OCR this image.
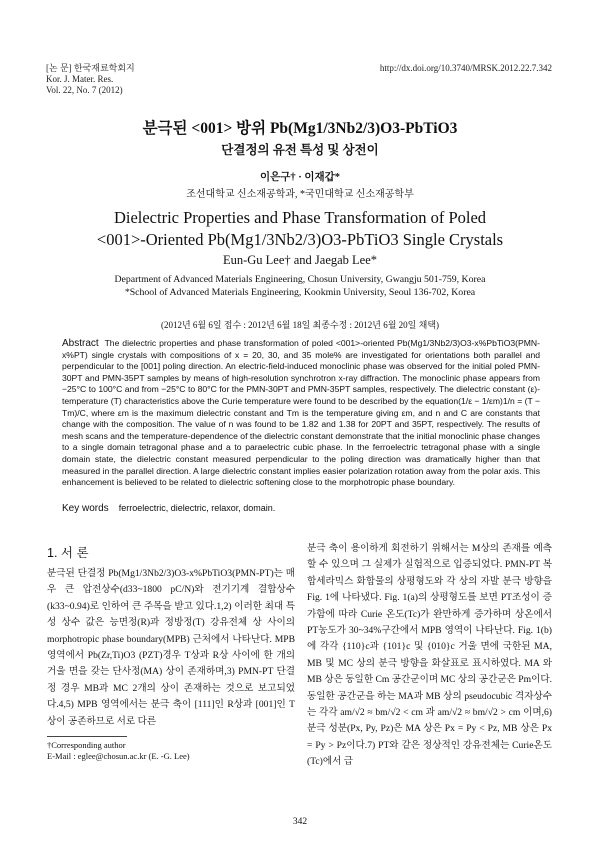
[논 문] 한국재료학회지
Kor. J. Mater. Res.
Vol. 22, No. 7 (2012)
http://dx.doi.org/10.3740/MRSK.2012.22.7.342
분극된 <001> 방위 Pb(Mg1/3Nb2/3)O3-PbTiO3
단결정의 유전 특성 및 상전이
이은구† · 이재갑*
조선대학교 신소재공학과, *국민대학교 신소재공학부
Dielectric Properties and Phase Transformation of Poled
<001>-Oriented Pb(Mg1/3Nb2/3)O3-PbTiO3 Single Crystals
Eun-Gu Lee† and Jaegab Lee*
Department of Advanced Materials Engineering, Chosun University, Gwangju 501-759, Korea
*School of Advanced Materials Engineering, Kookmin University, Seoul 136-702, Korea
(2012년 6월 6일 접수 : 2012년 6월 18일 최종수정 : 2012년 6월 20일 채택)
Abstract The dielectric properties and phase transformation of poled <001>-oriented Pb(Mg1/3Nb2/3)O3-x%PbTiO3(PMN-x%PT) single crystals with compositions of x = 20, 30, and 35 mole% are investigated for orientations both parallel and perpendicular to the [001] poling direction. An electric-field-induced monoclinic phase was observed for the initial poled PMN-30PT and PMN-35PT samples by means of high-resolution synchrotron x-ray diffraction. The monoclinic phase appears from −25°C to 100°C and from −25°C to 80°C for the PMN-30PT and PMN-35PT samples, respectively. The dielectric constant (ε)-temperature (T) characteristics above the Curie temperature were found to be described by the equation(1/ε − 1/εm)1/n = (T − Tm)/C, where εm is the maximum dielectric constant and Tm is the temperature giving εm, and n and C are constants that change with the composition. The value of n was found to be 1.82 and 1.38 for 20PT and 35PT, respectively. The results of mesh scans and the temperature-dependence of the dielectric constant demonstrate that the initial monoclinic phase changes to a single domain tetragonal phase and a to paraelectric cubic phase. In the ferroelectric tetragonal phase with a single domain state, the dielectric constant measured perpendicular to the poling direction was dramatically higher than that measured in the parallel direction. A large dielectric constant implies easier polarization rotation away from the polar axis. This enhancement is believed to be related to dielectric softening close to the morphotropic phase boundary.
Key words ferroelectric, dielectric, relaxor, domain.
1. 서 론
분극된 단결정 Pb(Mg1/3Nb2/3)O3-x%PbTiO3(PMN-PT)는 매우 큰 압전상수(d33~1800 pC/N)와 전기기계 결합상수(k33~0.94)로 인하여 큰 주목을 받고 있다.1,2) 이러한 최대 특성 상수 값은 능면정(R)과 정방정(T) 강유전체 상 사이의 morphotropic phase boundary(MPB) 근처에서 나타난다. MPB영역에서 Pb(Zr,Ti)O3 (PZT)경우 T상과 R상 사이에 한 개의 거울 면을 갖는 단사정(MA) 상이 존재하며,3) PMN-PT 단결정 경우 MB과 MC 2개의 상이 존재하는 것으로 보고되었다.4,5) MPB 영역에서는 분극 축이 [111]인 R상과 [001]인 T상이 공존하므로 서로 다른
†Corresponding author
E-Mail : eglee@chosun.ac.kr (E. -G. Lee)
분극 축이 용이하게 회전하기 위해서는 M상의 존재를 예측할 수 있으며 그 실제가 실험적으로 입증되었다. PMN-PT 복합세라믹스 화합물의 상평형도와 각 상의 자발 분극 방향을 Fig. 1에 나타냈다. Fig. 1(a)의 상평형도를 보면 PT조성이 증가함에 따라 Curie 온도(Tc)가 완만하게 증가하며 상온에서 PT농도가 30~34%구간에서 MPB 영역이 나타난다. Fig. 1(b)에 각각 {110}c과 {101}c 및 {010}c 거울 면에 국한된 MA, MB 및 MC 상의 분극 방향을 화살표로 표시하였다. MA 와 MB 상은 동일한 Cm 공간군이며 MC 상의 공간군은 Pm이다. 동일한 공간군을 하는 MA과 MB 상의 pseudocubic 격자상수는 각각 am/√2 ≈ bm/√2 < cm 과 am/√2 ≈ bm/√2 > cm 이며,6) 분극 성분(Px, Py, Pz)은 MA 상은 Px = Py < Pz, MB 상은 Px = Py > Pz이다.7) PT와 같은 정상적인 강유전체는 Curie온도(Tc)에서 급
342
